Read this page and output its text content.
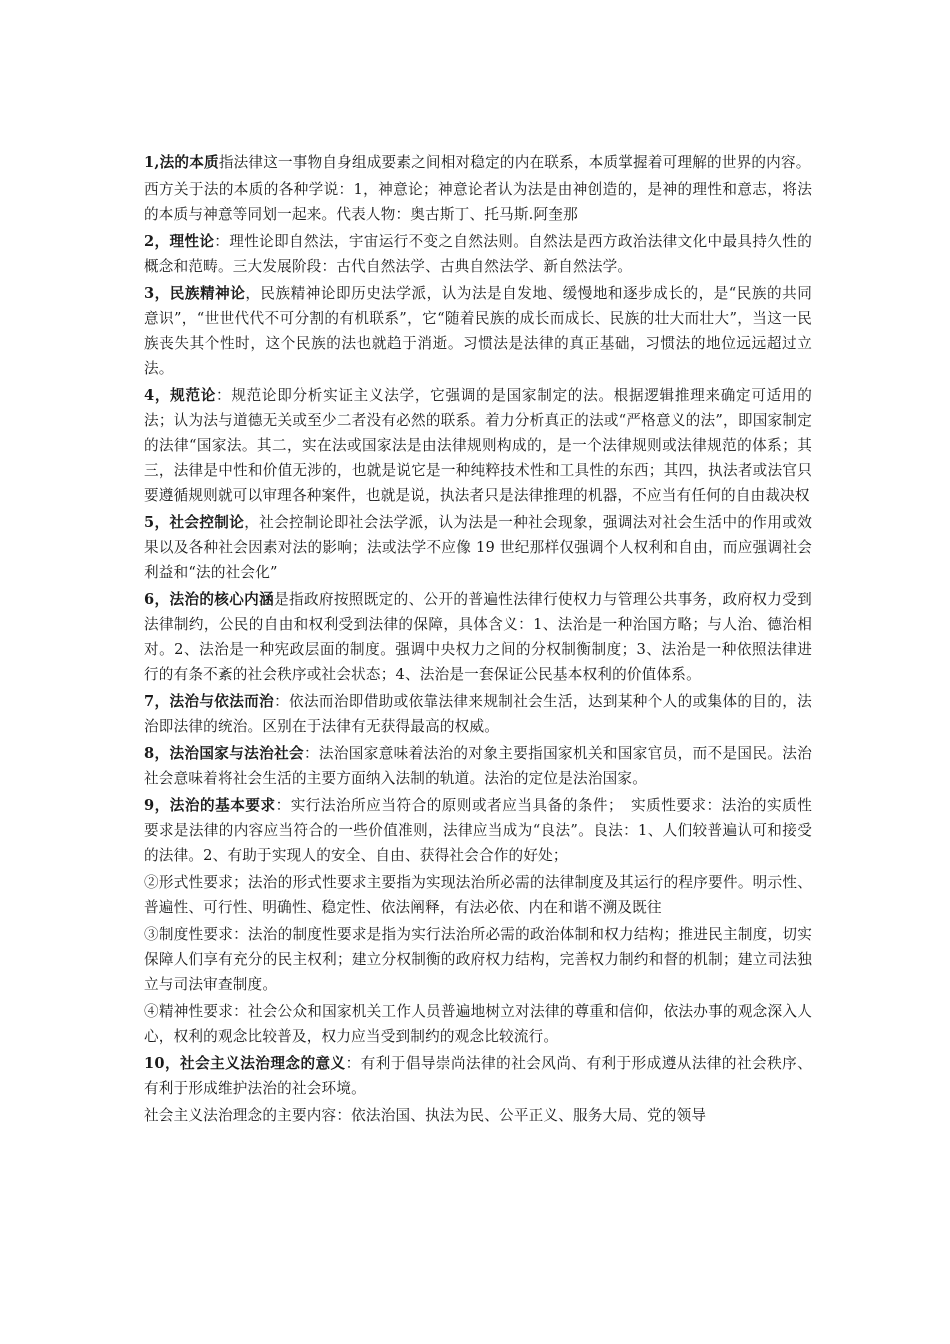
1,法的本质指法律这一事物自身组成要素之间相对稳定的内在联系，本质掌握着可理解的世界的内容。

西方关于法的本质的各种学说：1，神意论；神意论者认为法是由神创造的，是神的理性和意志，将法的本质与神意等同划一起来。代表人物：奥古斯丁、托马斯.阿奎那

2，理性论：理性论即自然法，宇宙运行不变之自然法则。自然法是西方政治法律文化中最具持久性的概念和范畴。三大发展阶段：古代自然法学、古典自然法学、新自然法学。

3，民族精神论，民族精神论即历史法学派，认为法是自发地、缓慢地和逐步成长的，是“民族的共同意识”，“世世代代不可分割的有机联系”，它“随着民族的成长而成长、民族的壮大而壮大”，当这一民族丧失其个性时，这个民族的法也就趋于消逝。习惯法是法律的真正基础，习惯法的地位远远超过立法。

4，规范论：规范论即分析实证主义法学，它强调的是国家制定的法。根据逻辑推理来确定可适用的法；认为法与道德无关或至少二者没有必然的联系。着力分析真正的法或“严格意义的法”，即国家制定的法律“国家法。其二，实在法或国家法是由法律规则构成的，是一个法律规则或法律规范的体系；其三，法律是中性和价值无涉的，也就是说它是一种纯粹技术性和工具性的东西；其四，执法者或法官只要遵循规则就可以审理各种案件，也就是说，执法者只是法律推理的机器，不应当有任何的自由裁决权

5，社会控制论，社会控制论即社会法学派，认为法是一种社会现象，强调法对社会生活中的作用或效果以及各种社会因素对法的影响；法或法学不应像 19 世纪那样仅强调个人权利和自由，而应强调社会利益和“法的社会化”

6，法治的核心内涵是指政府按照既定的、公开的普遍性法律行使权力与管理公共事务，政府权力受到法律制约，公民的自由和权利受到法律的保障，具体含义：1、法治是一种治国方略；与人治、德治相对。2、法治是一种宪政层面的制度。强调中央权力之间的分权制衡制度；3、法治是一种依照法律进行的有条不紊的社会秩序或社会状态；4、法治是一套保证公民基本权利的价值体系。

7，法治与依法而治：依法而治即借助或依靠法律来规制社会生活，达到某种个人的或集体的目的，法治即法律的统治。区别在于法律有无获得最高的权威。

8，法治国家与法治社会：法治国家意味着法治的对象主要指国家机关和国家官员，而不是国民。法治社会意味着将社会生活的主要方面纳入法制的轨道。法治的定位是法治国家。

9，法治的基本要求：实行法治所应当符合的原则或者应当具备的条件；　实质性要求：法治的实质性要求是法律的内容应当符合的一些价值准则，法律应当成为“良法”。良法：1、人们较普遍认可和接受的法律。2、有助于实现人的安全、自由、获得社会合作的好处；

②形式性要求；法治的形式性要求主要指为实现法治所必需的法律制度及其运行的程序要件。明示性、普遍性、可行性、明确性、稳定性、依法阐释，有法必依、内在和谐不溯及既往

③制度性要求：法治的制度性要求是指为实行法治所必需的政治体制和权力结构；推进民主制度，切实保障人们享有充分的民主权利；建立分权制衡的政府权力结构，完善权力制约和督的机制；建立司法独立与司法审查制度。

④精神性要求：社会公众和国家机关工作人员普遍地树立对法律的尊重和信仰，依法办事的观念深入人心，权利的观念比较普及，权力应当受到制约的观念比较流行。

10，社会主义法治理念的意义：有利于倡导崇尚法律的社会风尚、有利于形成遵从法律的社会秩序、有利于形成维护法治的社会环境。

社会主义法治理念的主要内容：依法治国、执法为民、公平正义、服务大局、党的领导
